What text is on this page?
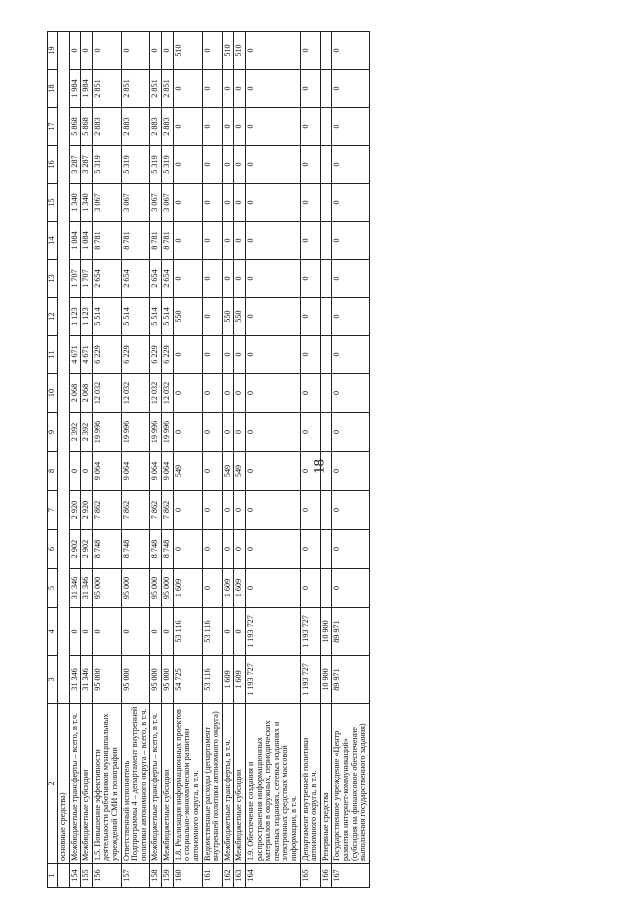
18
1	2	3	4	5	6	7	8	9	10	11	12	13	14	15	16	17	18	19
	основные средства)																	
154	Межбюджетные трансферты – всего, в т.ч.	31 346	0	31 346	2 902	2 920	0	2 392	2 068	4 671	1 123	1 707	1 084	1 340	3 287	5 868	1 984	0

155	Межбюджетные субсидии	31 346	0	31 346	2 902	2 920	0	2 392	2 068	4 671	1 123	1 707	1 084	1 340	3 287	5 868	1 984	0

156	1.5. Повышение эффективности деятельности работников муниципальных учреждений СМИ и полиграфии	95 000	0	95 000	8 748	7 862	9 064	19 996	12 032	6 229	5 514	2 654	8 781	3 067	5 319	2 883	2 851	0

157	Ответственный исполнитель Подпрограммы 4 – департамент внутренней политики автономного округа – всего, в т.ч.	95 000	0	95 000	8 748	7 862	9 064	19 996	12 032	6 229	5 514	2 654	8 781	3 067	5 319	2 883	2 851	0

158	Межбюджетные трансферты – всего, в т.ч.	95 000	0	95 000	8 748	7 862	9 064	19 996	12 032	6 229	5 514	2 654	8 781	3 067	5 319	2 883	2 851	0

159	Межбюджетные субсидии	95 000	0	95 000	8 748	7 862	9 064	19 996	12 032	6 229	5 514	2 654	8 781	3 067	5 319	2 883	2 851	0

160	1.8. Реализация информационных проектов о социально-экономическом развитии автономного округа, в т.ч.	54 725	53 116	1 609	0	0	549	0	0	0	550	0	0	0	0	0	0	510

161	Ведомственные расходы (департамент внутренней политики автономного округа)	53 116	53 116	0	0	0	0	0	0	0	0	0	0	0	0	0	0	0

162	Межбюджетные трансферты, в т.ч.	1 609	0	1 609	0	0	549	0	0	0	550	0	0	0	0	0	0	510

163	Межбюджетные субсидии	1 609	0	1 609	0	0	549	0	0	0	550	0	0	0	0	0	0	510

164	1.9. Обеспечение создания и распространения информационных материалов в окружных, периодических печатных изданиях, сетевых изданиях и электронных средствах массовой информации, в т.ч.	1 193 727	1 193 727	0	0	0	0	0	0	0	0	0	0	0	0	0	0	0

165	Департамент внутренней политики автономного округа, в т.ч.	1 193 727	1 193 727	0	0	0	0	0	0	0	0	0	0	0	0	0	0	0

166	Резервные средства	10 900	10 900															

167	Государственное учреждение «Центр развития интернет-коммуникаций» (субсидия на финансовое обеспечение выполнения государственного задания)	89 971	89 971	0	0	0	0	0	0	0	0	0	0	0	0	0	0	0
